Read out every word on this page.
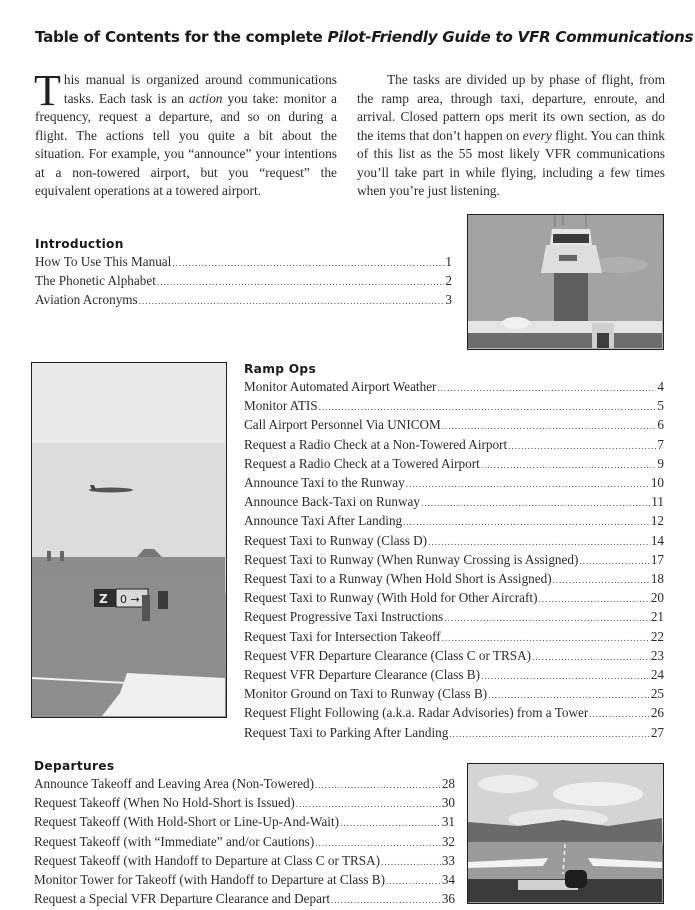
Table of Contents for the complete Pilot-Friendly Guide to VFR Communications
This manual is organized around communications tasks. Each task is an action you take: monitor a frequency, request a departure, and so on during a flight. The actions tell you quite a bit about the situation. For example, you “announce” your intentions at a non-towered airport, but you “request” the equivalent operations at a towered airport.
The tasks are divided up by phase of flight, from the ramp area, through taxi, departure, enroute, and arrival. Closed pattern ops merit its own section, as do the items that don’t happen on every flight. You can think of this list as the 55 most likely VFR communications you’ll take part in while flying, including a few times when you’re just listening.
Introduction
How To Use This Manual .....	1
The Phonetic Alphabet .....	2
Aviation Acronyms .....	3
Ramp Ops
Monitor Automated Airport Weather .....	4
Monitor ATIS .....	5
Call Airport Personnel Via UNICOM .....	6
Request a Radio Check at a Non-Towered Airport .....	7
Request a Radio Check at a Towered Airport .....	9
Announce Taxi to the Runway .....	10
Announce Back-Taxi on Runway .....	11
Announce Taxi After Landing .....	12
Request Taxi to Runway (Class D) .....	14
Request Taxi to Runway (When Runway Crossing is Assigned) .....	17
Request Taxi to a Runway (When Hold Short is Assigned) .....	18
Request Taxi to Runway (With Hold for Other Aircraft) .....	20
Request Progressive Taxi Instructions .....	21
Request Taxi for Intersection Takeoff .....	22
Request VFR Departure Clearance (Class C or TRSA) .....	23
Request VFR Departure Clearance (Class B) .....	24
Monitor Ground on Taxi to Runway (Class B) .....	25
Request Flight Following (a.k.a. Radar Advisories) from a Tower .....	26
Request Taxi to Parking After Landing .....	27
Departures
Announce Takeoff and Leaving Area (Non-Towered) .....	28
Request Takeoff (When No Hold-Short is Issued) .....	30
Request Takeoff (With Hold-Short or Line-Up-And-Wait) .....	31
Request Takeoff (with “Immediate” and/or Cautions) .....	32
Request Takeoff (with Handoff to Departure at Class C or TRSA) .....	33
Monitor Tower for Takeoff (with Handoff to Departure at Class B) .....	34
Request a Special VFR Departure Clearance and Depart .....	36
Z 0 →
